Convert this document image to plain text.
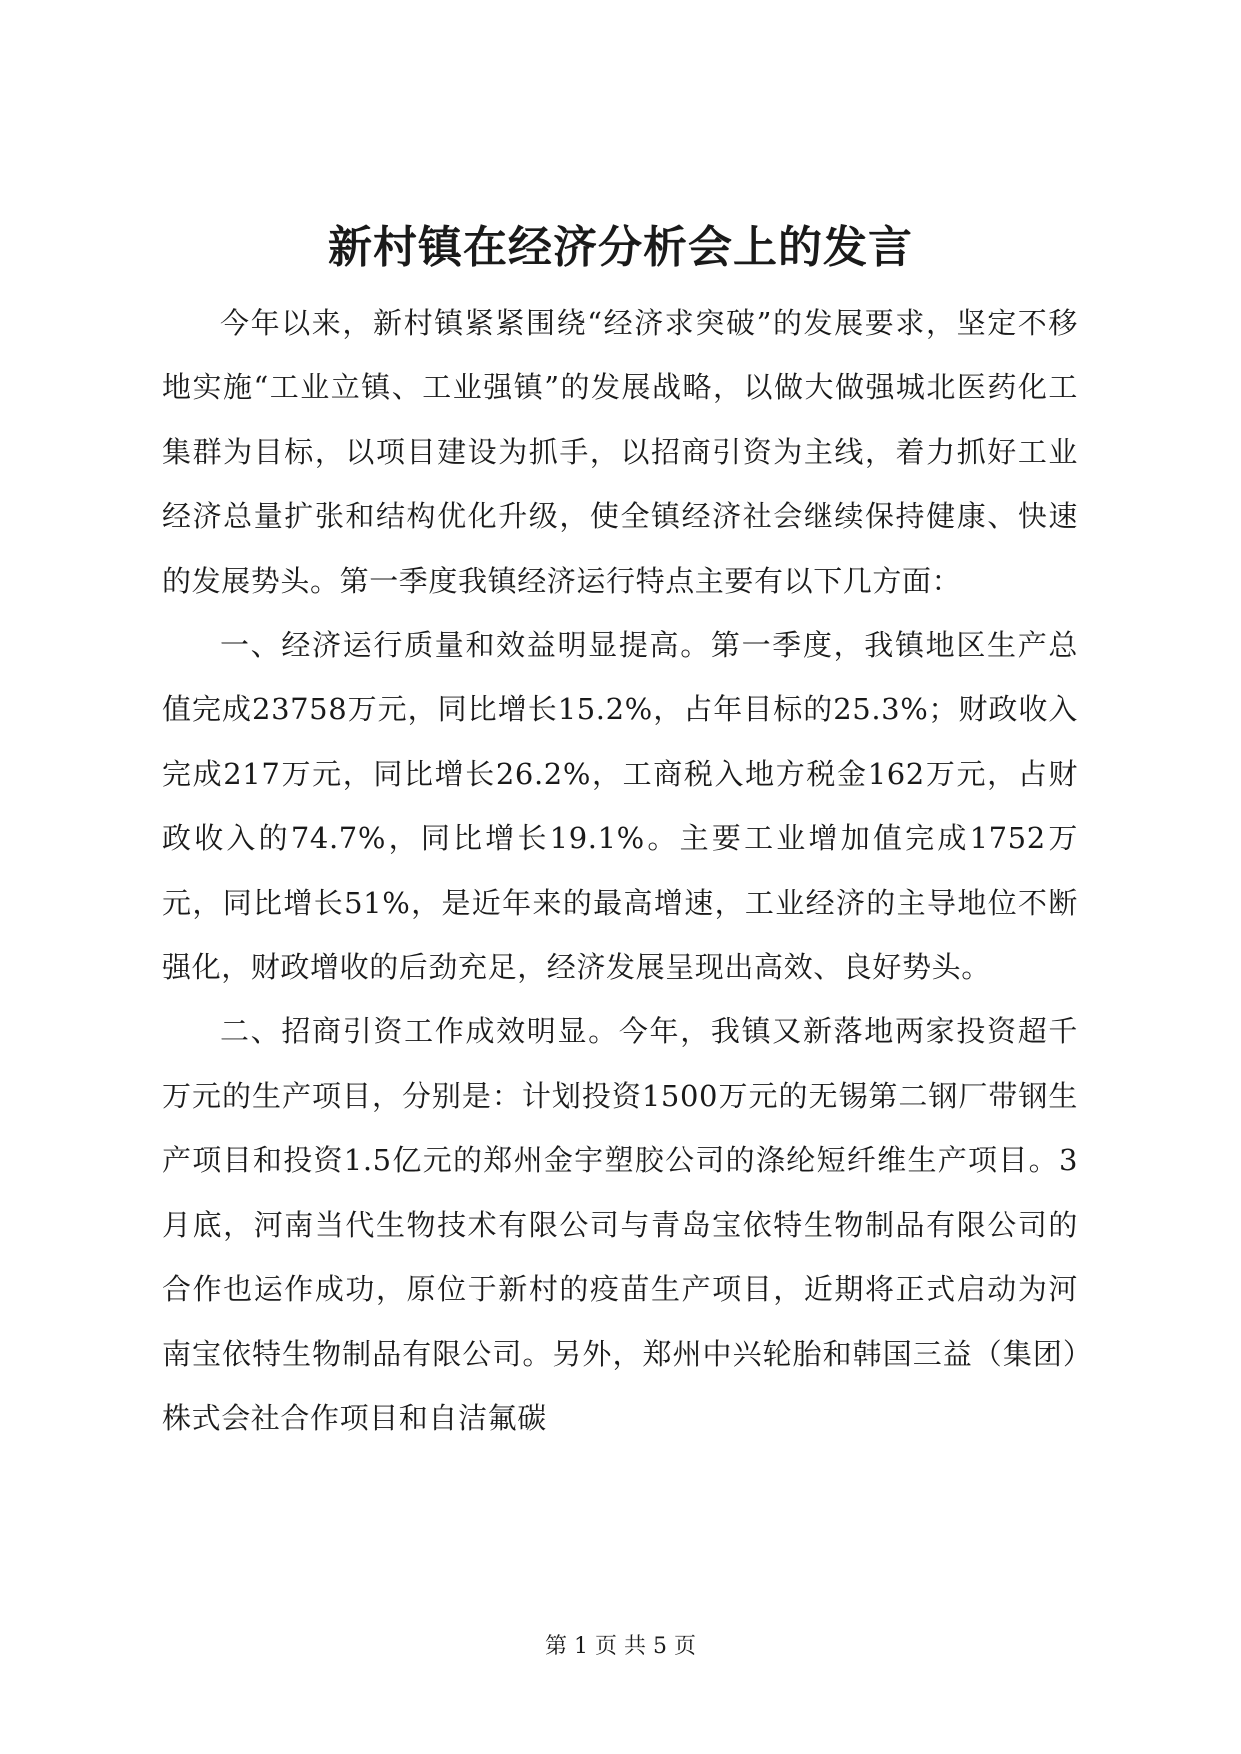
新村镇在经济分析会上的发言

今年以来，新村镇紧紧围绕“经济求突破”的发展要求，坚定不移地实施“工业立镇、工业强镇”的发展战略，以做大做强城北医药化工集群为目标，以项目建设为抓手，以招商引资为主线，着力抓好工业经济总量扩张和结构优化升级，使全镇经济社会继续保持健康、快速的发展势头。第一季度我镇经济运行特点主要有以下几方面：

一、经济运行质量和效益明显提高。第一季度，我镇地区生产总值完成23758万元，同比增长15.2%，占年目标的25.3%；财政收入完成217万元，同比增长26.2%，工商税入地方税金162万元，占财政收入的74.7%，同比增长19.1%。主要工业增加值完成1752万元，同比增长51%，是近年来的最高增速，工业经济的主导地位不断强化，财政增收的后劲充足，经济发展呈现出高效、良好势头。

二、招商引资工作成效明显。今年，我镇又新落地两家投资超千万元的生产项目，分别是：计划投资1500万元的无锡第二钢厂带钢生产项目和投资1.5亿元的郑州金宇塑胶公司的涤纶短纤维生产项目。3月底，河南当代生物技术有限公司与青岛宝依特生物制品有限公司的合作也运作成功，原位于新村的疫苗生产项目，近期将正式启动为河南宝依特生物制品有限公司。另外，郑州中兴轮胎和韩国三益（集团）株式会社合作项目和自洁氟碳

第 1 页 共 5 页
